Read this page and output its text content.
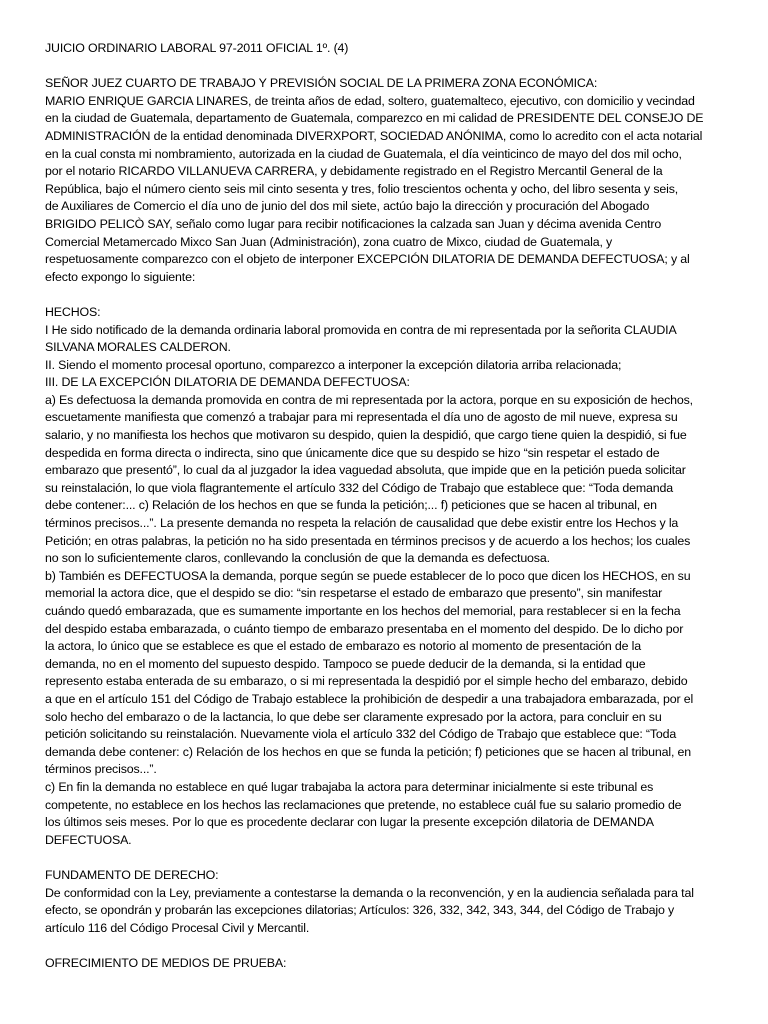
JUICIO ORDINARIO LABORAL 97-2011 OFICIAL 1º. (4)

SEÑOR JUEZ CUARTO DE TRABAJO Y PREVISIÓN SOCIAL DE LA PRIMERA ZONA ECONÓMICA:
MARIO ENRIQUE GARCIA LINARES, de treinta años de edad, soltero, guatemalteco, ejecutivo, con domicilio y vecindad
en la ciudad de Guatemala, departamento de Guatemala, comparezco en mi calidad de PRESIDENTE DEL CONSEJO DE
ADMINISTRACIÓN de la entidad denominada DIVERXPORT, SOCIEDAD ANÓNIMA, como lo acredito con el acta notarial
en la cual consta mi nombramiento, autorizada en la ciudad de Guatemala, el día veinticinco de mayo del dos mil ocho,
por el notario RICARDO VILLANUEVA CARRERA, y debidamente registrado en el Registro Mercantil General de la
República, bajo el número ciento seis mil cinto sesenta y tres, folio trescientos ochenta y ocho, del libro sesenta y seis,
de Auxiliares de Comercio el día uno de junio del dos mil siete, actúo bajo la dirección y procuración del Abogado
BRIGIDO PELICÒ SAY, señalo como lugar para recibir notificaciones la calzada san Juan y décima avenida Centro
Comercial Metamercado Mixco San Juan (Administración), zona cuatro de Mixco, ciudad de Guatemala, y
respetuosamente comparezco con el objeto de interponer EXCEPCIÓN DILATORIA DE DEMANDA DEFECTUOSA; y al
efecto expongo lo siguiente:

HECHOS:
I He sido notificado de la demanda ordinaria laboral promovida en contra de mi representada por la señorita CLAUDIA
SILVANA MORALES CALDERON.
II. Siendo el momento procesal oportuno, comparezco a interponer la excepción dilatoria arriba relacionada;
III. DE LA EXCEPCIÓN DILATORIA DE DEMANDA DEFECTUOSA:
a) Es defectuosa la demanda promovida en contra de mi representada por la actora, porque en su exposición de hechos,
escuetamente manifiesta que comenzó a trabajar para mi representada el día uno de agosto de mil nueve, expresa su
salario, y no manifiesta los hechos que motivaron su despido, quien la despidió, que cargo tiene quien la despidió, si fue
despedida en forma directa o indirecta, sino que únicamente dice que su despido se hizo “sin respetar el estado de
embarazo que presentó”, lo cual da al juzgador la idea vaguedad absoluta, que impide que en la petición pueda solicitar
su reinstalación, lo que viola flagrantemente el artículo 332 del Código de Trabajo que establece que: “Toda demanda
debe contener:... c) Relación de los hechos en que se funda la petición;... f) peticiones que se hacen al tribunal, en
términos precisos...”. La presente demanda no respeta la relación de causalidad que debe existir entre los Hechos y la
Petición; en otras palabras, la petición no ha sido presentada en términos precisos y de acuerdo a los hechos; los cuales
no son lo suficientemente claros, conllevando la conclusión de que la demanda es defectuosa.
b) También es DEFECTUOSA la demanda, porque según se puede establecer de lo poco que dicen los HECHOS, en su
memorial la actora dice, que el despido se dio: “sin respetarse el estado de embarazo que presento”, sin manifestar
cuándo quedó embarazada, que es sumamente importante en los hechos del memorial, para restablecer si en la fecha
del despido estaba embarazada, o cuánto tiempo de embarazo presentaba en el momento del despido. De lo dicho por
la actora, lo único que se establece es que el estado de embarazo es notorio al momento de presentación de la
demanda, no en el momento del supuesto despido. Tampoco se puede deducir de la demanda, si la entidad que
represento estaba enterada de su embarazo, o si mi representada la despidió por el simple hecho del embarazo, debido
a que en el artículo 151 del Código de Trabajo establece la prohibición de despedir a una trabajadora embarazada, por el
solo hecho del embarazo o de la lactancia, lo que debe ser claramente expresado por la actora, para concluir en su
petición solicitando su reinstalación. Nuevamente viola el artículo 332 del Código de Trabajo que establece que: “Toda
demanda debe contener: c) Relación de los hechos en que se funda la petición; f) peticiones que se hacen al tribunal, en
términos precisos...”.
c) En fin la demanda no establece en qué lugar trabajaba la actora para determinar inicialmente si este tribunal es
competente, no establece en los hechos las reclamaciones que pretende, no establece cuál fue su salario promedio de
los últimos seis meses. Por lo que es procedente declarar con lugar la presente excepción dilatoria de DEMANDA
DEFECTUOSA.

FUNDAMENTO DE DERECHO:
De conformidad con la Ley, previamente a contestarse la demanda o la reconvención, y en la audiencia señalada para tal
efecto, se opondrán y probarán las excepciones dilatorias; Artículos: 326, 332, 342, 343, 344, del Código de Trabajo y
artículo 116 del Código Procesal Civil y Mercantil.

OFRECIMIENTO DE MEDIOS DE PRUEBA:
